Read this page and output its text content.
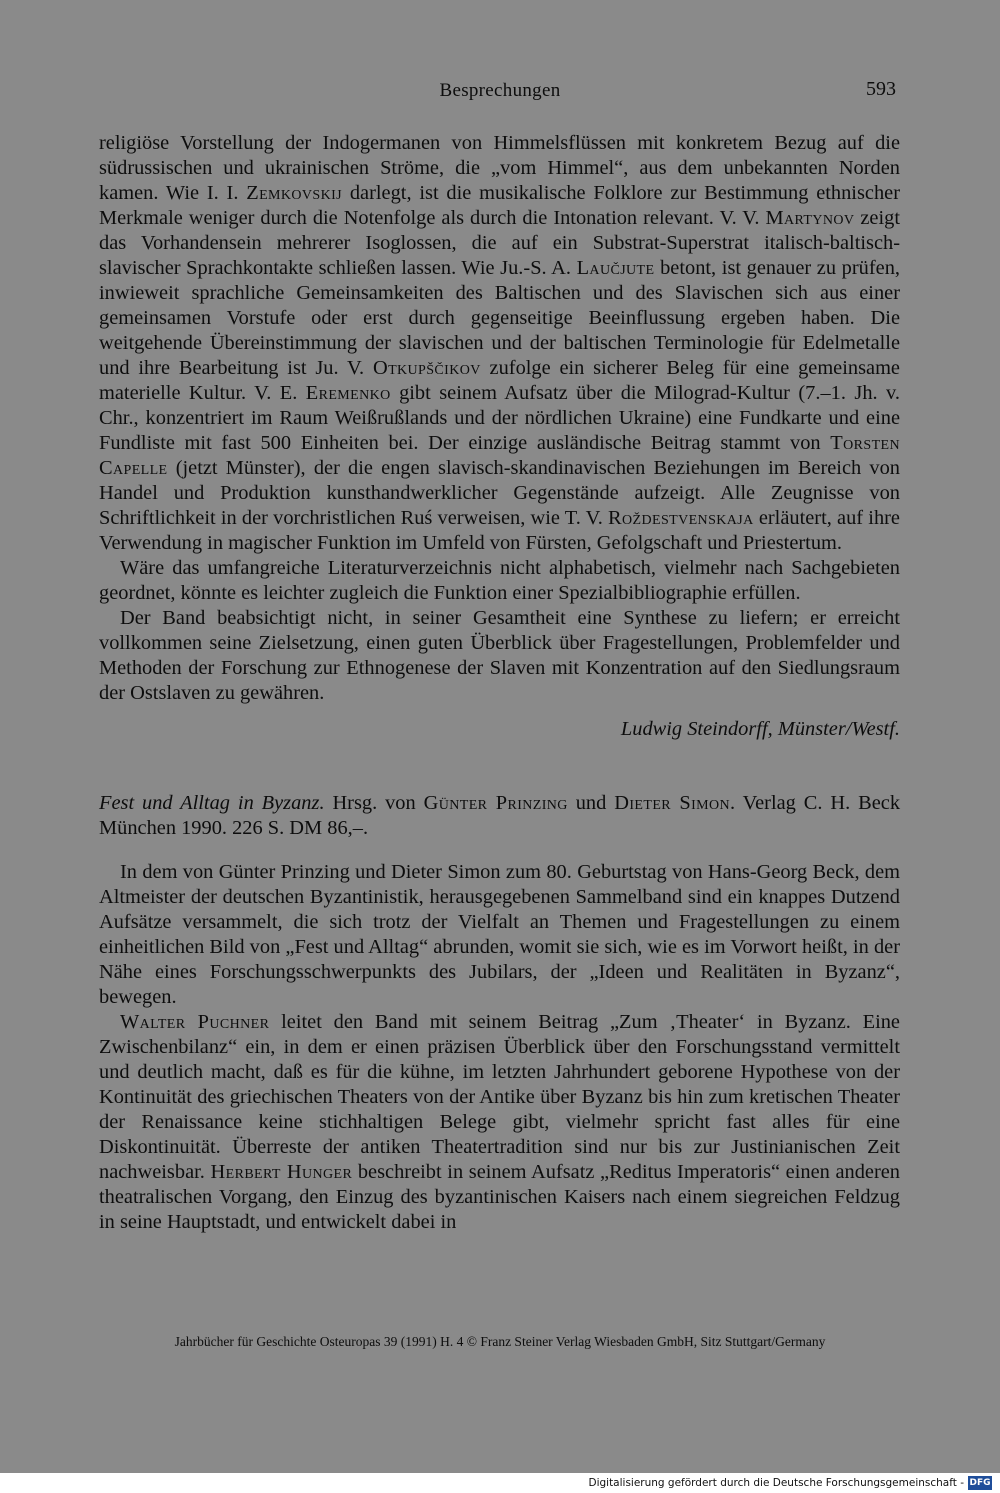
Besprechungen	593

religiöse Vorstellung der Indogermanen von Himmelsflüssen mit konkretem Bezug auf die südrussischen und ukrainischen Ströme, die „vom Himmel“, aus dem unbekannten Norden kamen. Wie I. I. Zemkovskij darlegt, ist die musikalische Folklore zur Bestimmung ethnischer Merkmale weniger durch die Notenfolge als durch die Intonation relevant. V. V. Martynov zeigt das Vorhandensein mehrerer Isoglossen, die auf ein Substrat-Superstrat italisch-baltisch-slavischer Sprachkontakte schließen lassen. Wie Ju.-S. A. Laučjute betont, ist genauer zu prüfen, inwieweit sprachliche Gemeinsamkeiten des Baltischen und des Slavischen sich aus einer gemeinsamen Vorstufe oder erst durch gegenseitige Beeinflussung ergeben haben. Die weitgehende Übereinstimmung der slavischen und der baltischen Terminologie für Edelmetalle und ihre Bearbeitung ist Ju. V. Otkupščikov zufolge ein sicherer Beleg für eine gemeinsame materielle Kultur. V. E. Eremenko gibt seinem Aufsatz über die Milograd-Kultur (7.–1. Jh. v. Chr., konzentriert im Raum Weißrußlands und der nördlichen Ukraine) eine Fundkarte und eine Fundliste mit fast 500 Einheiten bei. Der einzige ausländische Beitrag stammt von Torsten Capelle (jetzt Münster), der die engen slavisch-skandinavischen Beziehungen im Bereich von Handel und Produktion kunsthandwerklicher Gegenstände aufzeigt. Alle Zeugnisse von Schriftlichkeit in der vorchristlichen Ruś verweisen, wie T. V. Roždestvenskaja erläutert, auf ihre Verwendung in magischer Funktion im Umfeld von Fürsten, Gefolgschaft und Priestertum.

Wäre das umfangreiche Literaturverzeichnis nicht alphabetisch, vielmehr nach Sachgebieten geordnet, könnte es leichter zugleich die Funktion einer Spezialbibliographie erfüllen.

Der Band beabsichtigt nicht, in seiner Gesamtheit eine Synthese zu liefern; er erreicht vollkommen seine Zielsetzung, einen guten Überblick über Fragestellungen, Problemfelder und Methoden der Forschung zur Ethnogenese der Slaven mit Konzentration auf den Siedlungsraum der Ostslaven zu gewähren.

Ludwig Steindorff, Münster/Westf.

Fest und Alltag in Byzanz. Hrsg. von Günter Prinzing und Dieter Simon. Verlag C. H. Beck München 1990. 226 S. DM 86,–.

In dem von Günter Prinzing und Dieter Simon zum 80. Geburtstag von Hans-Georg Beck, dem Altmeister der deutschen Byzantinistik, herausgegebenen Sammelband sind ein knappes Dutzend Aufsätze versammelt, die sich trotz der Vielfalt an Themen und Fragestellungen zu einem einheitlichen Bild von „Fest und Alltag“ abrunden, womit sie sich, wie es im Vorwort heißt, in der Nähe eines Forschungsschwerpunkts des Jubilars, der „Ideen und Realitäten in Byzanz“, bewegen.

Walter Puchner leitet den Band mit seinem Beitrag „Zum ‚Theater‘ in Byzanz. Eine Zwischenbilanz“ ein, in dem er einen präzisen Überblick über den Forschungsstand vermittelt und deutlich macht, daß es für die kühne, im letzten Jahrhundert geborene Hypothese von der Kontinuität des griechischen Theaters von der Antike über Byzanz bis hin zum kretischen Theater der Renaissance keine stichhaltigen Belege gibt, vielmehr spricht fast alles für eine Diskontinuität. Überreste der antiken Theatertradition sind nur bis zur Justinianischen Zeit nachweisbar. Herbert Hunger beschreibt in seinem Aufsatz „Reditus Imperatoris“ einen anderen theatralischen Vorgang, den Einzug des byzantinischen Kaisers nach einem siegreichen Feldzug in seine Hauptstadt, und entwickelt dabei in

Jahrbücher für Geschichte Osteuropas 39 (1991) H. 4 © Franz Steiner Verlag Wiesbaden GmbH, Sitz Stuttgart/Germany
Digitalisierung gefördert durch die Deutsche Forschungsgemeinschaft - DFG
